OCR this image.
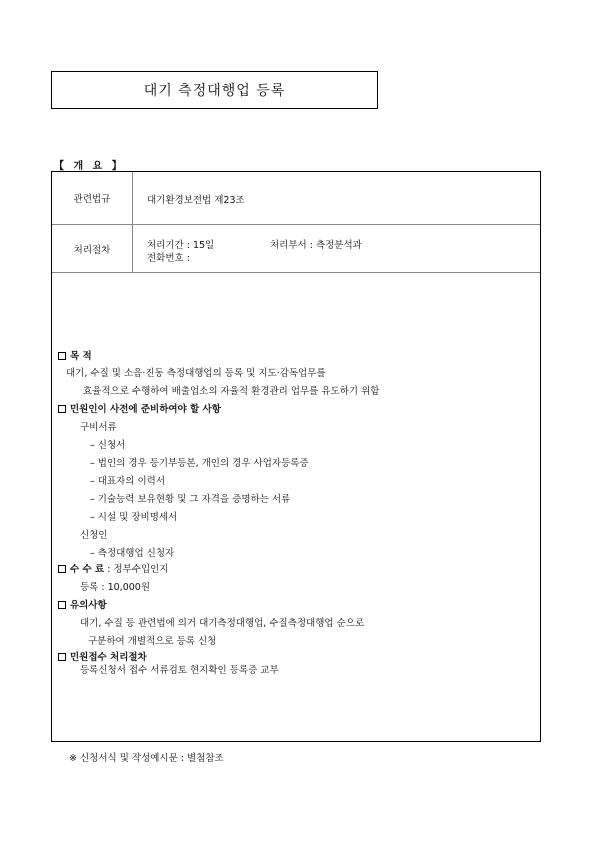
대기 측정대행업 등록
【 개 요 】
관련법규	대기환경보전법 제23조
처리절차	처리기간 : 15일	처리부서 : 측정분석과
전화번호 :
목 적
대기, 수질 및 소음·진동 측정대행업의 등록 및 지도·감독업무를
효율적으로 수행하여 배출업소의 자율적 환경관리 업무를 유도하기 위함
민원인이 사전에 준비하여야 할 사항
구비서류
– 신청서
– 법인의 경우 등기부등본, 개인의 경우 사업자등록증
– 대표자의 이력서
– 기술능력 보유현황 및 그 자격을 증명하는 서류
– 시설 및 장비명세서
신청인
– 측정대행업 신청자
수 수 료 : 정부수입인지
등록 : 10,000원
유의사항
대기, 수질 등 관련법에 의거 대기측정대행업, 수질측정대행업 순으로
구분하여 개별적으로 등록 신청
민원접수 처리절차
등록신청서 접수 서류검토 현지확인 등록증 교부
※ 신청서식 및 작성예시문 : 별첨참조
